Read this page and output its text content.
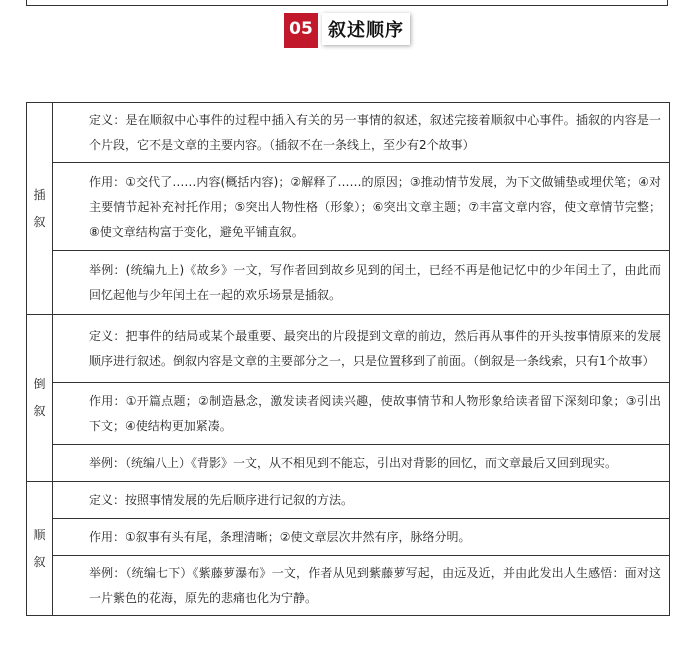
05 叙述顺序
插
叙	定义：是在顺叙中心事件的过程中插入有关的另一事情的叙述，叙述完接着顺叙中心事件。插叙的内容是一个片段，它不是文章的主要内容。（插叙不在一条线上，至少有2个故事）
	作用：①交代了……内容(概括内容)；②解释了……的原因；③推动情节发展，为下文做铺垫或埋伏笔；④对主要情节起补充衬托作用；⑤突出人物性格（形象）；⑥突出文章主题；⑦丰富文章内容，使文章情节完整；⑧使文章结构富于变化，避免平铺直叙。
	举例：(统编九上)《故乡》一文，写作者回到故乡见到的闰土，已经不再是他记忆中的少年闰土了，由此而回忆起他与少年闰土在一起的欢乐场景是插叙。

倒
叙	定义：把事件的结局或某个最重要、最突出的片段提到文章的前边，然后再从事件的开头按事情原来的发展顺序进行叙述。倒叙内容是文章的主要部分之一，只是位置移到了前面。（倒叙是一条线索，只有1个故事）
	作用：①开篇点题；②制造悬念，激发读者阅读兴趣，使故事情节和人物形象给读者留下深刻印象；③引出下文；④使结构更加紧凑。
	举例：（统编八上）《背影》一文，从不相见到不能忘，引出对背影的回忆，而文章最后又回到现实。

顺
叙	定义：按照事情发展的先后顺序进行记叙的方法。
	作用：①叙事有头有尾，条理清晰；②使文章层次井然有序，脉络分明。
	举例：（统编七下）《紫藤萝瀑布》一文，作者从见到紫藤萝写起，由远及近，并由此发出人生感悟：面对这一片紫色的花海，原先的悲痛也化为宁静。
